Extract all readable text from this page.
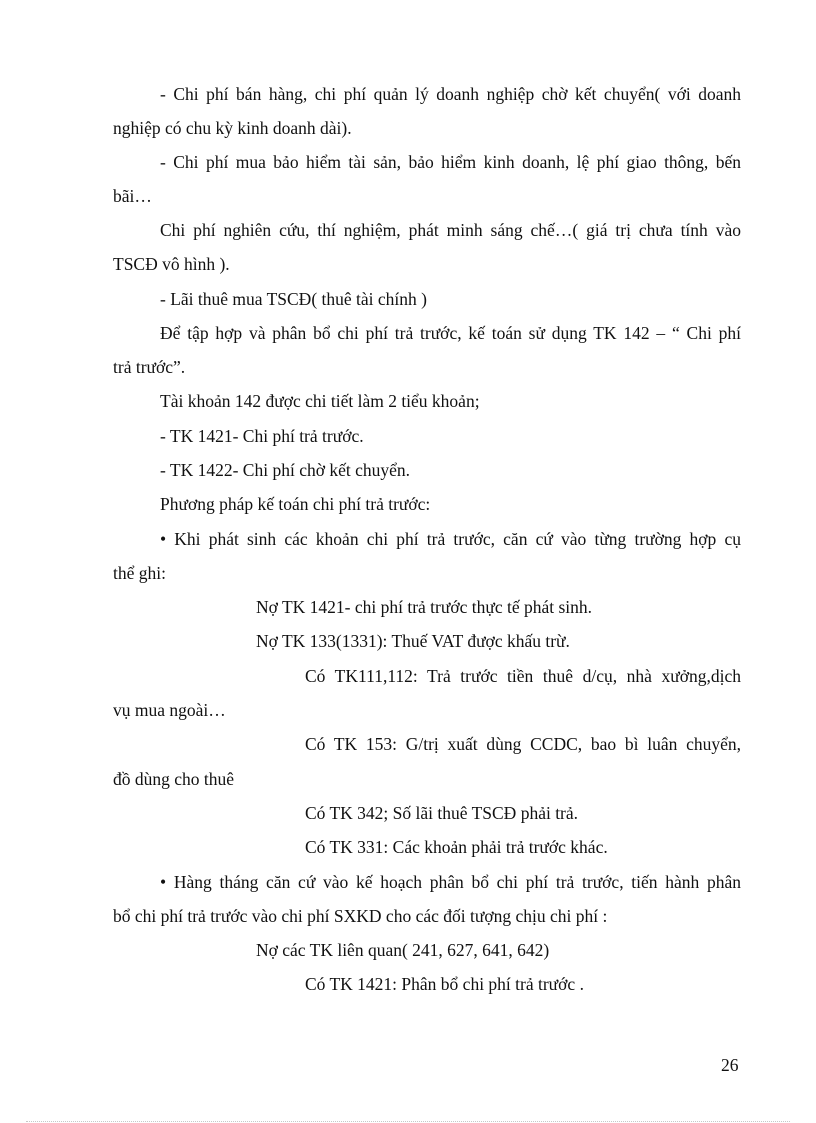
- Chi phí bán hàng, chi phí quản lý doanh nghiệp chờ kết chuyển( với doanh
nghiệp có chu kỳ kinh doanh dài).
- Chi phí mua bảo hiểm tài sản, bảo hiểm kinh doanh, lệ phí giao thông, bến
bãi…
Chi phí nghiên cứu, thí nghiệm, phát minh sáng chế…( giá trị chưa tính vào
TSCĐ vô hình ).
- Lãi thuê mua TSCĐ( thuê tài chính )
Để tập hợp và phân bổ chi phí trả trước, kế toán sử dụng TK 142 – “ Chi phí
trả trước”.
Tài khoản 142 được chi tiết làm 2 tiểu khoản;
- TK 1421- Chi phí trả trước.
- TK 1422- Chi phí chờ kết chuyển.
Phương pháp kế toán chi phí trả trước:
• Khi phát sinh các khoản chi phí trả trước, căn cứ vào từng trường hợp cụ
thể ghi:
Nợ TK 1421- chi phí trả trước thực tế phát sinh.
Nợ TK 133(1331): Thuế VAT được khấu trừ.
Có TK111,112: Trả trước tiền thuê d/cụ, nhà xưởng,dịch
vụ mua ngoài…
Có TK 153: G/trị xuất dùng CCDC, bao bì luân chuyển,
đồ dùng cho thuê
Có TK 342; Số lãi thuê TSCĐ phải trả.
Có TK 331: Các khoản phải trả trước khác.
• Hàng tháng căn cứ vào kế hoạch phân bổ chi phí trả trước, tiến hành phân
bổ chi phí trả trước vào chi phí SXKD cho các đối tượng chịu chi phí :
Nợ các TK liên quan( 241, 627, 641, 642)
Có TK 1421: Phân bổ chi phí trả trước .
26
